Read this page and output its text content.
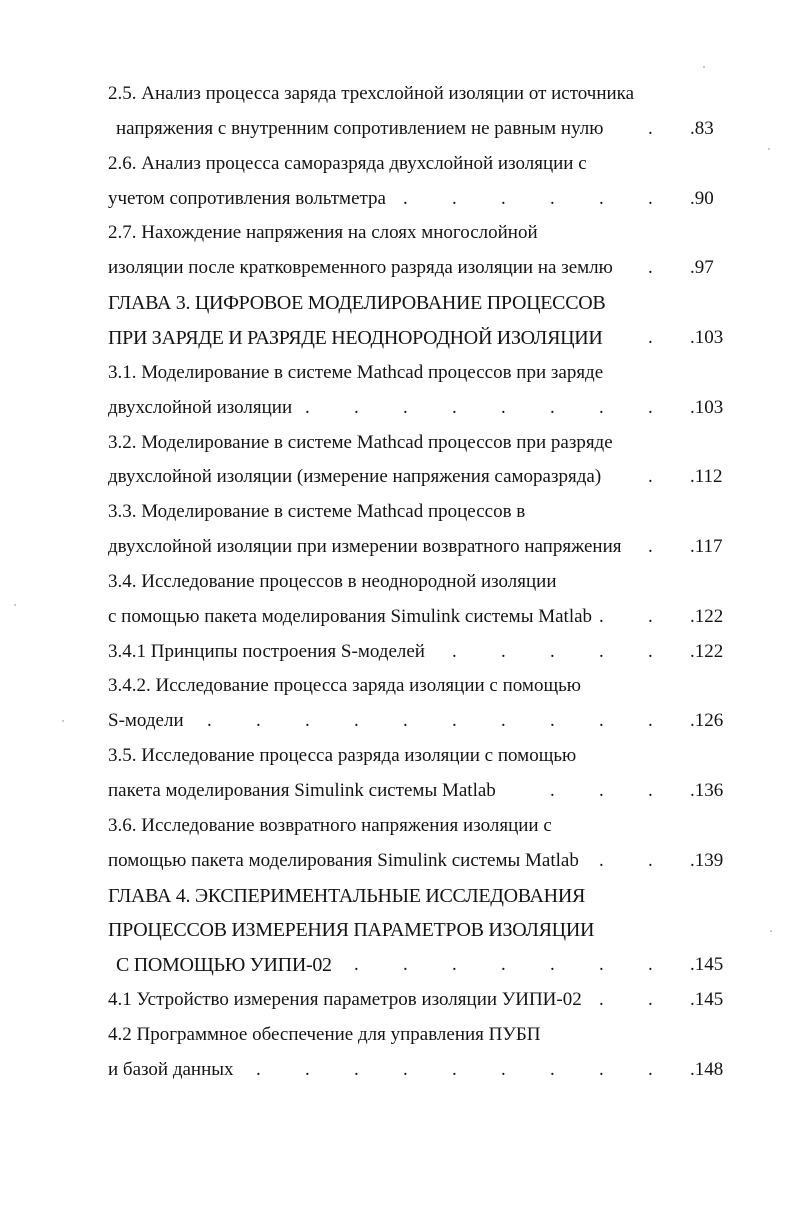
2.5. Анализ процесса заряда трехслойной изоляции от источника
напряжения с внутренним сопротивлением не равным нулю . .83
2.6. Анализ процесса саморазряда двухслойной изоляции с
учетом сопротивления вольтметра . . . . . . .90
2.7. Нахождение напряжения на слоях многослойной
изоляции после кратковременного разряда изоляции на землю . .97
ГЛАВА 3. ЦИФРОВОЕ МОДЕЛИРОВАНИЕ ПРОЦЕССОВ
ПРИ ЗАРЯДЕ И РАЗРЯДЕ НЕОДНОРОДНОЙ ИЗОЛЯЦИИ . .103
3.1. Моделирование в системе Mathcad процессов при заряде
двухслойной изоляции . . . . . . . . .103
3.2. Моделирование в системе Mathcad процессов при разряде
двухслойной изоляции (измерение напряжения саморазряда) . .112
3.3. Моделирование в системе Mathcad процессов в
двухслойной изоляции при измерении возвратного напряжения . .117
3.4. Исследование процессов в неоднородной изоляции
с помощью пакета моделирования Simulink системы Matlab . . .122
3.4.1 Принципы построения S-моделей . . . . . .122
3.4.2. Исследование процесса заряда изоляции с помощью
S-модели . . . . . . . . . . .126
3.5. Исследование процесса разряда изоляции с помощью
пакета моделирования Simulink системы Matlab	. . . .136
3.6. Исследование возвратного напряжения изоляции с
помощью пакета моделирования Simulink системы Matlab . . .139
ГЛАВА 4. ЭКСПЕРИМЕНТАЛЬНЫЕ ИССЛЕДОВАНИЯ
ПРОЦЕССОВ ИЗМЕРЕНИЯ ПАРАМЕТРОВ ИЗОЛЯЦИИ
С ПОМОЩЬЮ УИПИ-02 . . . . . . . .145
4.1 Устройство измерения параметров изоляции УИПИ-02 . . .145
4.2 Программное обеспечение для управления ПУБП
и базой данных . . . . . . . . . .148
